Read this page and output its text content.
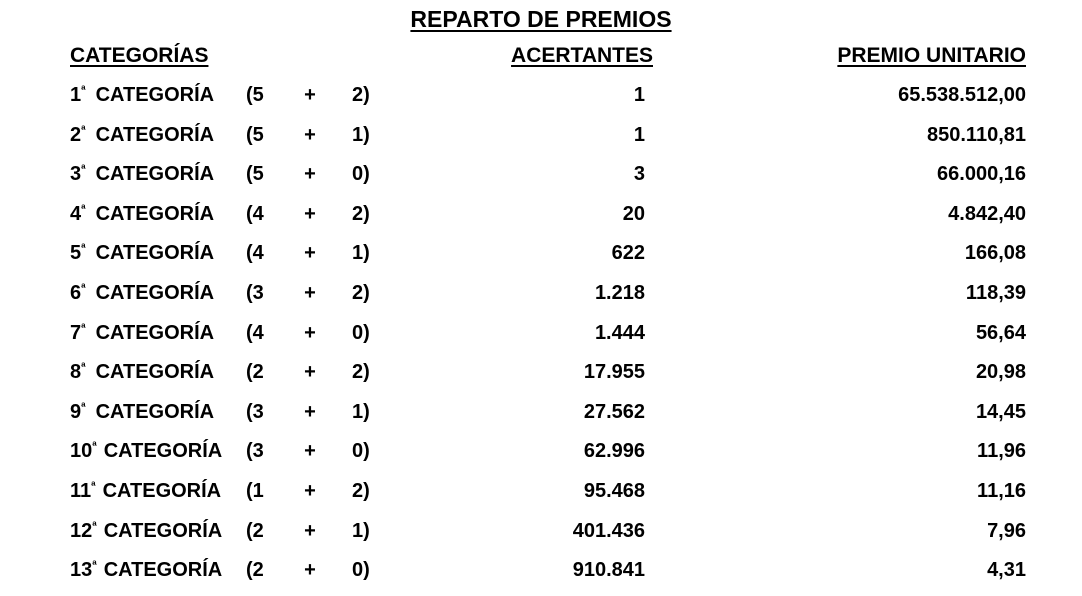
REPARTO DE PREMIOS
CATEGORÍAS	ACERTANTES	PREMIO UNITARIO
$1^ª$ CATEGORÍA (5 + 2)	1	65.538.512,00
$2^ª$ CATEGORÍA (5 + 1)	1	850.110,81
$3^ª$ CATEGORÍA (5 + 0)	3	66.000,16
$4^ª$ CATEGORÍA (4 + 2)	20	4.842,40
$5^ª$ CATEGORÍA (4 + 1)	622	166,08
$6^ª$ CATEGORÍA (3 + 2)	1.218	118,39
$7^ª$ CATEGORÍA (4 + 0)	1.444	56,64
$8^ª$ CATEGORÍA (2 + 2)	17.955	20,98
$9^ª$ CATEGORÍA (3 + 1)	27.562	14,45
$10^ª$ CATEGORÍA (3 + 0)	62.996	11,96
$11^ª$ CATEGORÍA (1 + 2)	95.468	11,16
$12^ª$ CATEGORÍA (2 + 1)	401.436	7,96
$13^ª$ CATEGORÍA (2 + 0)	910.841	4,31
